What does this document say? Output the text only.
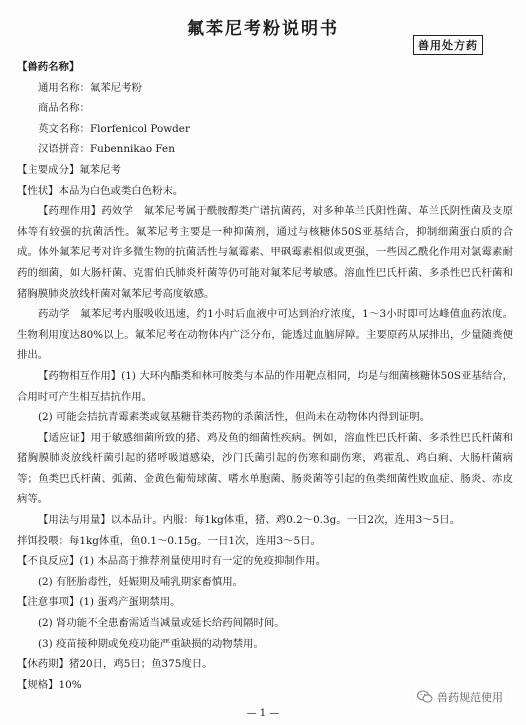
氟苯尼考粉说明书
兽用处方药
【兽药名称】
通用名称：氟苯尼考粉
商品名称：
英文名称：Florfenicol Powder
汉语拼音：Fubennikao Fen
【主要成分】氟苯尼考
【性状】本品为白色或类白色粉末。
【药理作用】药效学　氟苯尼考属于酰胺醇类广谱抗菌药，对多种革兰氏阳性菌、革兰氏阴性菌及支原体等有较强的抗菌活性。氟苯尼考主要是一种抑菌剂，通过与核糖体50S亚基结合，抑制细菌蛋白质的合成。体外氟苯尼考对许多微生物的抗菌活性与氟霉素、甲砜霉素相似或更强，一些因乙酰化作用对氯霉素耐药的细菌，如大肠杆菌、克雷伯氏肺炎杆菌等仍可能对氟苯尼考敏感。溶血性巴氏杆菌、多杀性巴氏杆菌和猪胸膜肺炎放线杆菌对氟苯尼考高度敏感。
药动学　氟苯尼考内服吸收迅速，约1小时后血液中可达到治疗浓度，1～3小时即可达峰值血药浓度。生物利用度达80%以上。氟苯尼考在动物体内广泛分布，能透过血脑屏障。主要原药从尿排出，少量随粪便排出。
【药物相互作用】(1) 大环内酯类和林可胺类与本品的作用靶点相同，均是与细菌核糖体50S亚基结合，合用时可产生相互拮抗作用。
(2) 可能会拮抗青霉素类或氨基糖苷类药物的杀菌活性，但尚未在动物体内得到证明。
【适应证】用于敏感细菌所致的猪、鸡及鱼的细菌性疾病。例如，溶血性巴氏杆菌、多杀性巴氏杆菌和猪胸膜肺炎放线杆菌引起的猪呼吸道感染，沙门氏菌引起的伤寒和副伤寒，鸡霍乱、鸡白痢、大肠杆菌病等；鱼类巴氏杆菌、弧菌、金黄色葡萄球菌、嗜水单胞菌、肠炎菌等引起的鱼类细菌性败血症、肠炎、赤皮病等。
【用法与用量】以本品计。内服：每1kg体重，猪、鸡0.2～0.3g。一日2次，连用3～5日。
拌饵投喂：每1kg体重，鱼0.1～0.15g。一日1次，连用3～5日。
【不良反应】(1) 本品高于推荐剂量使用时有一定的免疫抑制作用。
(2) 有胚胎毒性，妊娠期及哺乳期家畜慎用。
【注意事项】(1) 蛋鸡产蛋期禁用。
(2) 肾功能不全患畜需适当减量或延长给药间隔时间。
(3) 疫苗接种期或免疫功能严重缺损的动物禁用。
【休药期】猪20日，鸡5日；鱼375度日。
【规格】10%
— 1 —
兽药规范使用
